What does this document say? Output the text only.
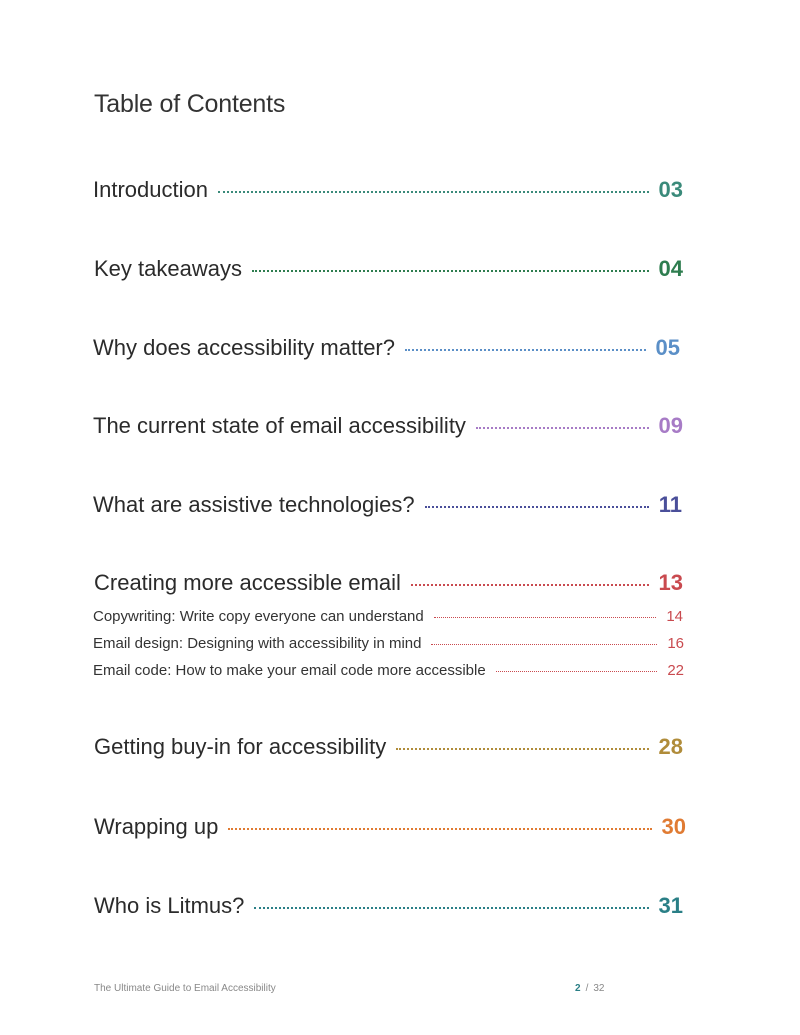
Table of Contents
Introduction	03
Key takeaways	04
Why does accessibility matter?	05
The current state of email accessibility	09
What are assistive technologies?	11
Creating more accessible email	13
Copywriting: Write copy everyone can understand	14
Email design: Designing with accessibility in mind	16
Email code: How to make your email code more accessible	22
Getting buy-in for accessibility	28
Wrapping up	30
Who is Litmus?	31
The Ultimate Guide to Email Accessibility	2 / 32
